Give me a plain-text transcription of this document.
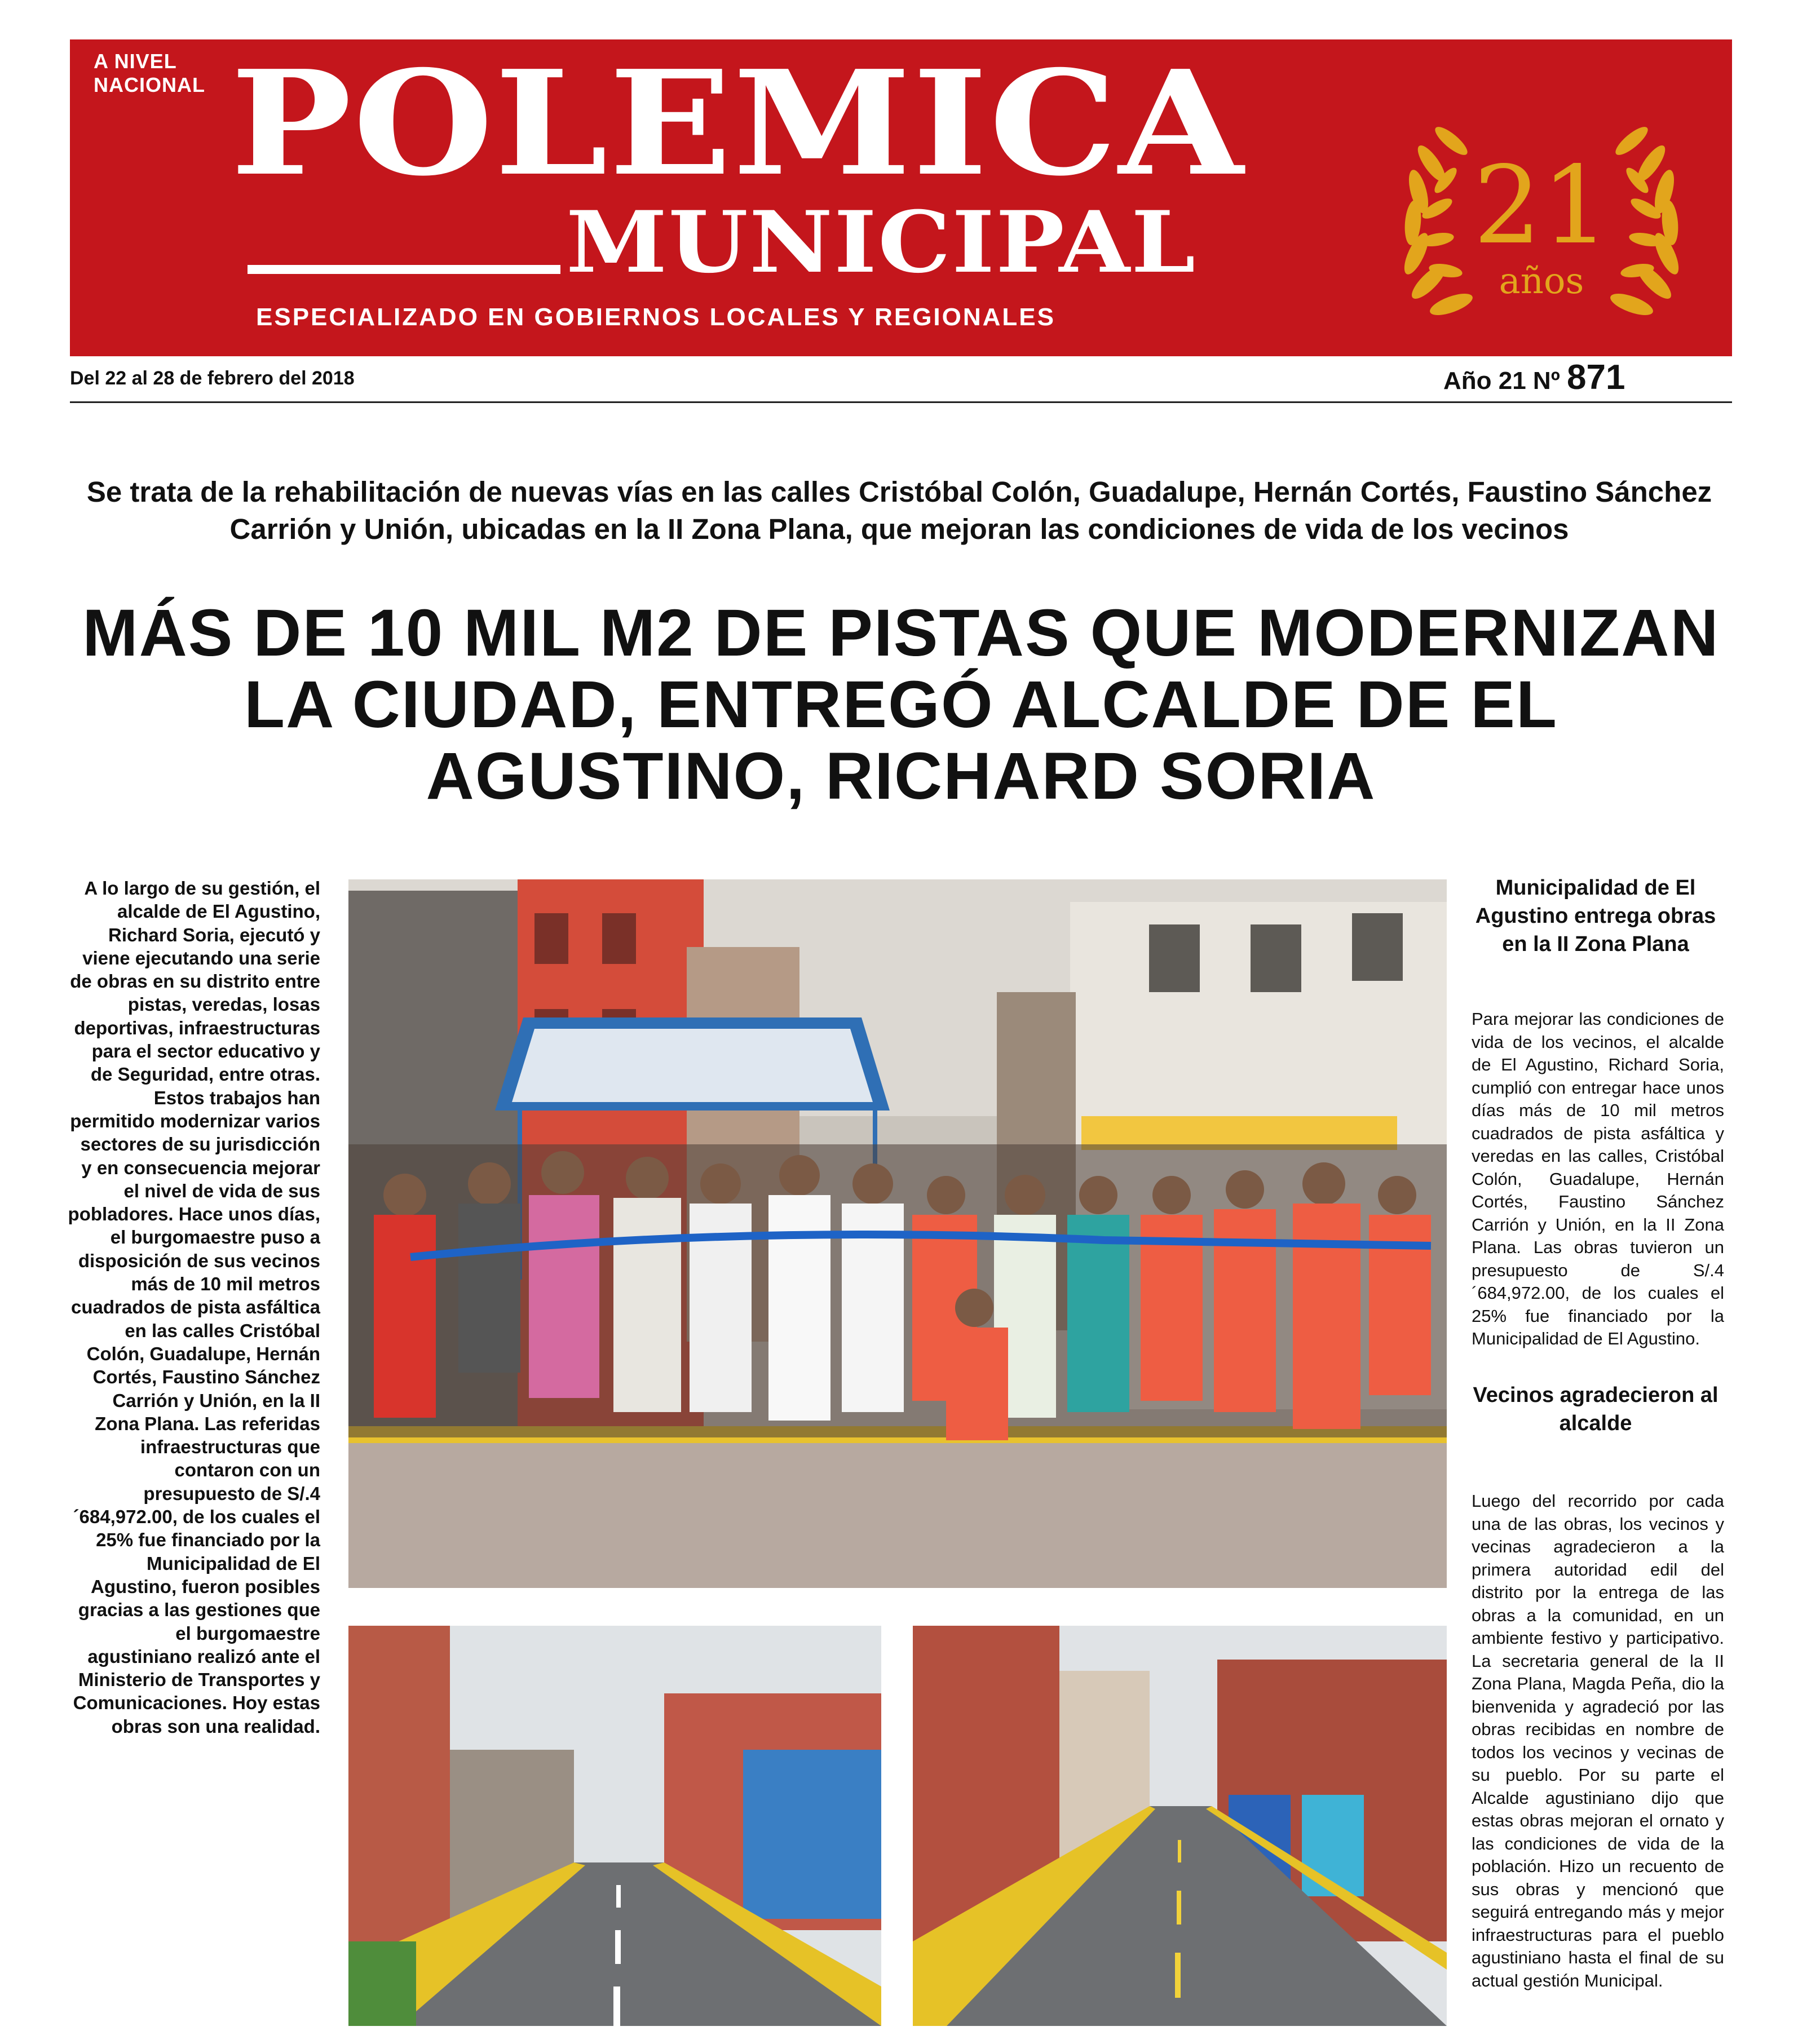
A NIVEL NACIONAL POLEMICA
MUNICIPAL
ESPECIALIZADO EN GOBIERNOS LOCALES Y REGIONALES
21
años
Del 22 al 28 de febrero del 2018	Año 21 Nº 871
Se trata de la rehabilitación de nuevas vías en las calles Cristóbal Colón, Guadalupe, Hernán Cortés, Faustino Sánchez Carrión y Unión, ubicadas en la II Zona Plana, que mejoran las condiciones de vida de los vecinos
MÁS DE 10 MIL M2 DE PISTAS QUE MODERNIZAN LA CIUDAD, ENTREGÓ ALCALDE DE EL AGUSTINO, RICHARD SORIA
A lo largo de su gestión, el alcalde de El Agustino, Richard Soria, ejecutó y viene ejecutando una serie de obras en su distrito entre pistas, veredas, losas deportivas, infraestructuras para el sector educativo y de Seguridad, entre otras. Estos trabajos han permitido modernizar varios sectores de su jurisdicción y en consecuencia mejorar el nivel de vida de sus pobladores. Hace unos días, el burgomaestre puso a disposición de sus vecinos más de 10 mil metros cuadrados de pista asfáltica en las calles Cristóbal Colón, Guadalupe, Hernán Cortés, Faustino Sánchez Carrión y Unión, en la II Zona Plana. Las referidas infraestructuras que contaron con un presupuesto de S/.4´684,972.00, de los cuales el 25% fue financiado por la Municipalidad de El Agustino, fueron posibles gracias a las gestiones que el burgomaestre agustiniano realizó ante el Ministerio de Transportes y Comunicaciones. Hoy estas obras son una realidad.
Municipalidad de El Agustino entrega obras en la II Zona Plana
Para mejorar las condiciones de vida de los vecinos, el alcalde de El Agustino, Richard Soria, cumplió con entregar hace unos días más de 10 mil metros cuadrados de pista asfáltica y veredas en las calles, Cristóbal Colón, Guadalupe, Hernán Cortés, Faustino Sánchez Carrión y Unión, en la II Zona Plana. Las obras tuvieron un presupuesto de S/.4´684,972.00, de los cuales el 25% fue financiado por la Municipalidad de El Agustino.
Vecinos agradecieron al alcalde
Luego del recorrido por cada una de las obras, los vecinos y vecinas agradecieron a la primera autoridad edil del distrito por la entrega de las obras a la comunidad, en un ambiente festivo y participativo. La secretaria general de la II Zona Plana, Magda Peña, dio la bienvenida y agradeció por las obras recibidas en nombre de todos los vecinos y vecinas de su pueblo. Por su parte el Alcalde agustiniano dijo que estas obras mejoran el ornato y las condiciones de vida de la población. Hizo un recuento de sus obras y mencionó que seguirá entregando más y mejor infraestructuras para el pueblo agustiniano hasta el final de su actual gestión Municipal.
